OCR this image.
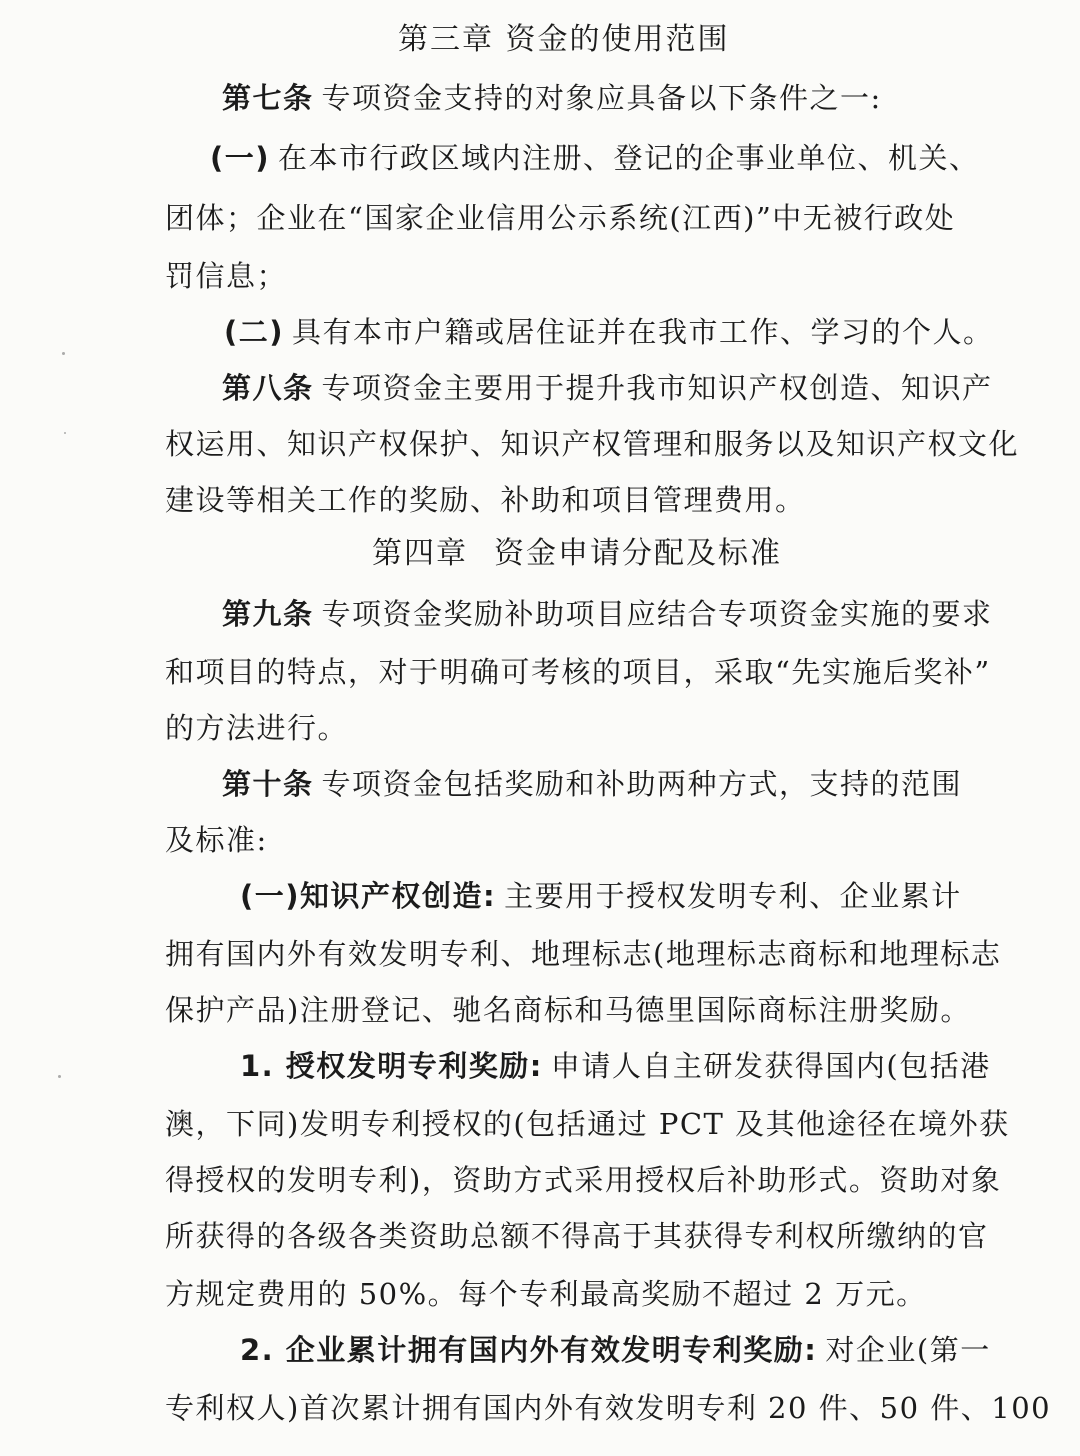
第三章 资金的使用范围
第七条 专项资金支持的对象应具备以下条件之一:
(一) 在本市行政区域内注册、登记的企事业单位、机关、
团体；企业在“国家企业信用公示系统(江西)”中无被行政处
罚信息；
(二) 具有本市户籍或居住证并在我市工作、学习的个人。
第八条 专项资金主要用于提升我市知识产权创造、知识产
权运用、知识产权保护、知识产权管理和服务以及知识产权文化
建设等相关工作的奖励、补助和项目管理费用。
第四章 资金申请分配及标准
第九条 专项资金奖励补助项目应结合专项资金实施的要求
和项目的特点，对于明确可考核的项目，采取“先实施后奖补”
的方法进行。
第十条 专项资金包括奖励和补助两种方式，支持的范围
及标准:
(一)知识产权创造: 主要用于授权发明专利、企业累计
拥有国内外有效发明专利、地理标志(地理标志商标和地理标志
保护产品)注册登记、驰名商标和马德里国际商标注册奖励。
1. 授权发明专利奖励: 申请人自主研发获得国内(包括港
澳，下同)发明专利授权的(包括通过 PCT 及其他途径在境外获
得授权的发明专利)，资助方式采用授权后补助形式。资助对象
所获得的各级各类资助总额不得高于其获得专利权所缴纳的官
方规定费用的 50%。每个专利最高奖励不超过 2 万元。
2. 企业累计拥有国内外有效发明专利奖励: 对企业(第一
专利权人)首次累计拥有国内外有效发明专利 20 件、50 件、100
